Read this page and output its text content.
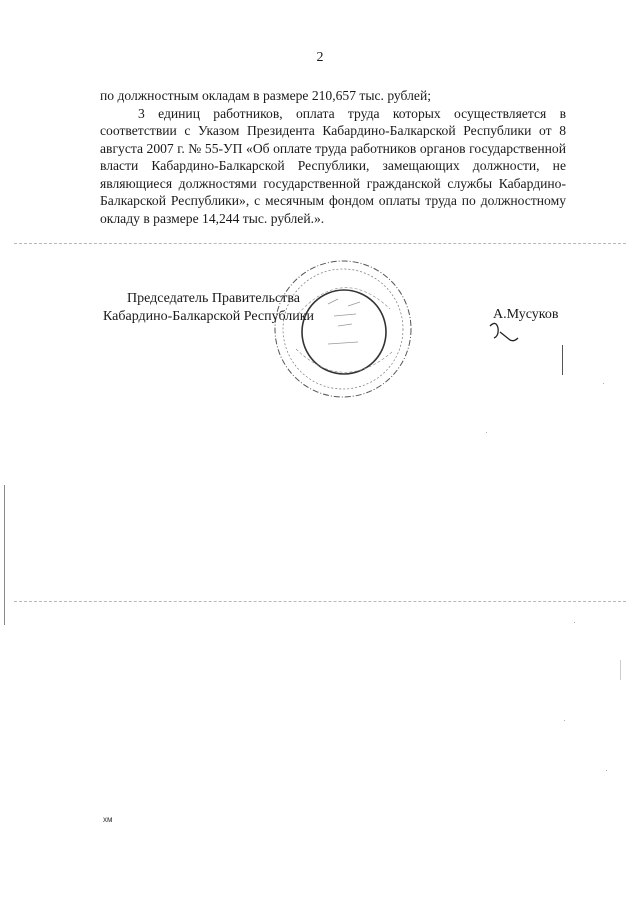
2

по должностным окладам в размере 210,657 тыс. рублей;

3 единиц работников, оплата труда которых осуществляется в соответствии с Указом Президента Кабардино-Балкарской Республики от 8 августа 2007 г. № 55-УП «Об оплате труда работников органов государственной власти Кабардино-Балкарской Республики, замещающих должности, не являющиеся должностями государственной гражданской службы Кабардино-Балкарской Республики», с месячным фондом оплаты труда по должностному окладу в размере 14,244 тыс. рублей.».

Председатель Правительства
Кабардино-Балкарской Республики	А.Мусуков
хм
